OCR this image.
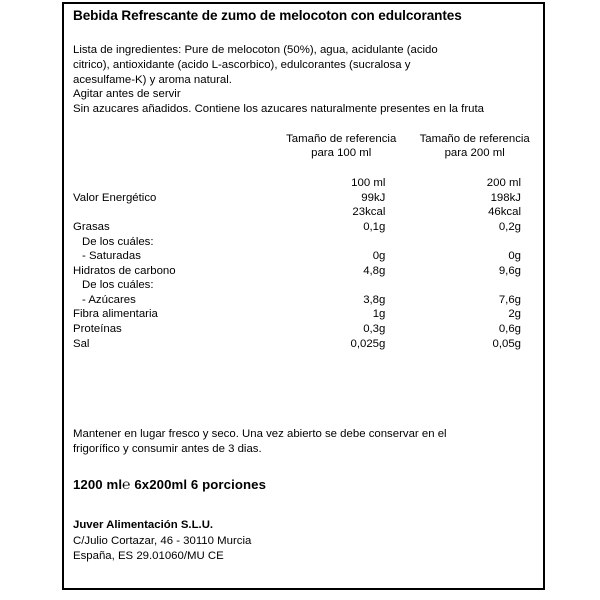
Bebida Refrescante de zumo de melocoton con edulcorantes
Lista de ingredientes: Pure de melocoton (50%), agua, acidulante (acido
citrico), antioxidante (acido L-ascorbico), edulcorantes (sucralosa y
acesulfame-K) y aroma natural.
Agitar antes de servir
Sin azucares añadidos. Contiene los azucares naturalmente presentes en la fruta

	Tamaño de referencia
para 100 ml	Tamaño de referencia
para 200 ml

	100 ml	200 ml
Valor Energético	99kJ	198kJ
	23kcal	46kcal
Grasas	0,1g	0,2g
De los cuáles:		
- Saturadas	0g	0g
Hidratos de carbono	4,8g	9,6g
De los cuáles:		
- Azúcares	3,8g	7,6g
Fibra alimentaria	1g	2g
Proteínas	0,3g	0,6g
Sal	0,025g	0,05g
Mantener en lugar fresco y seco. Una vez abierto se debe conservar en el
frigorífico y consumir antes de 3 dias.
1200 ml℮ 6x200ml 6 porciones
Juver Alimentación S.L.U.
C/Julio Cortazar, 46 - 30110 Murcia
España, ES 29.01060/MU CE
